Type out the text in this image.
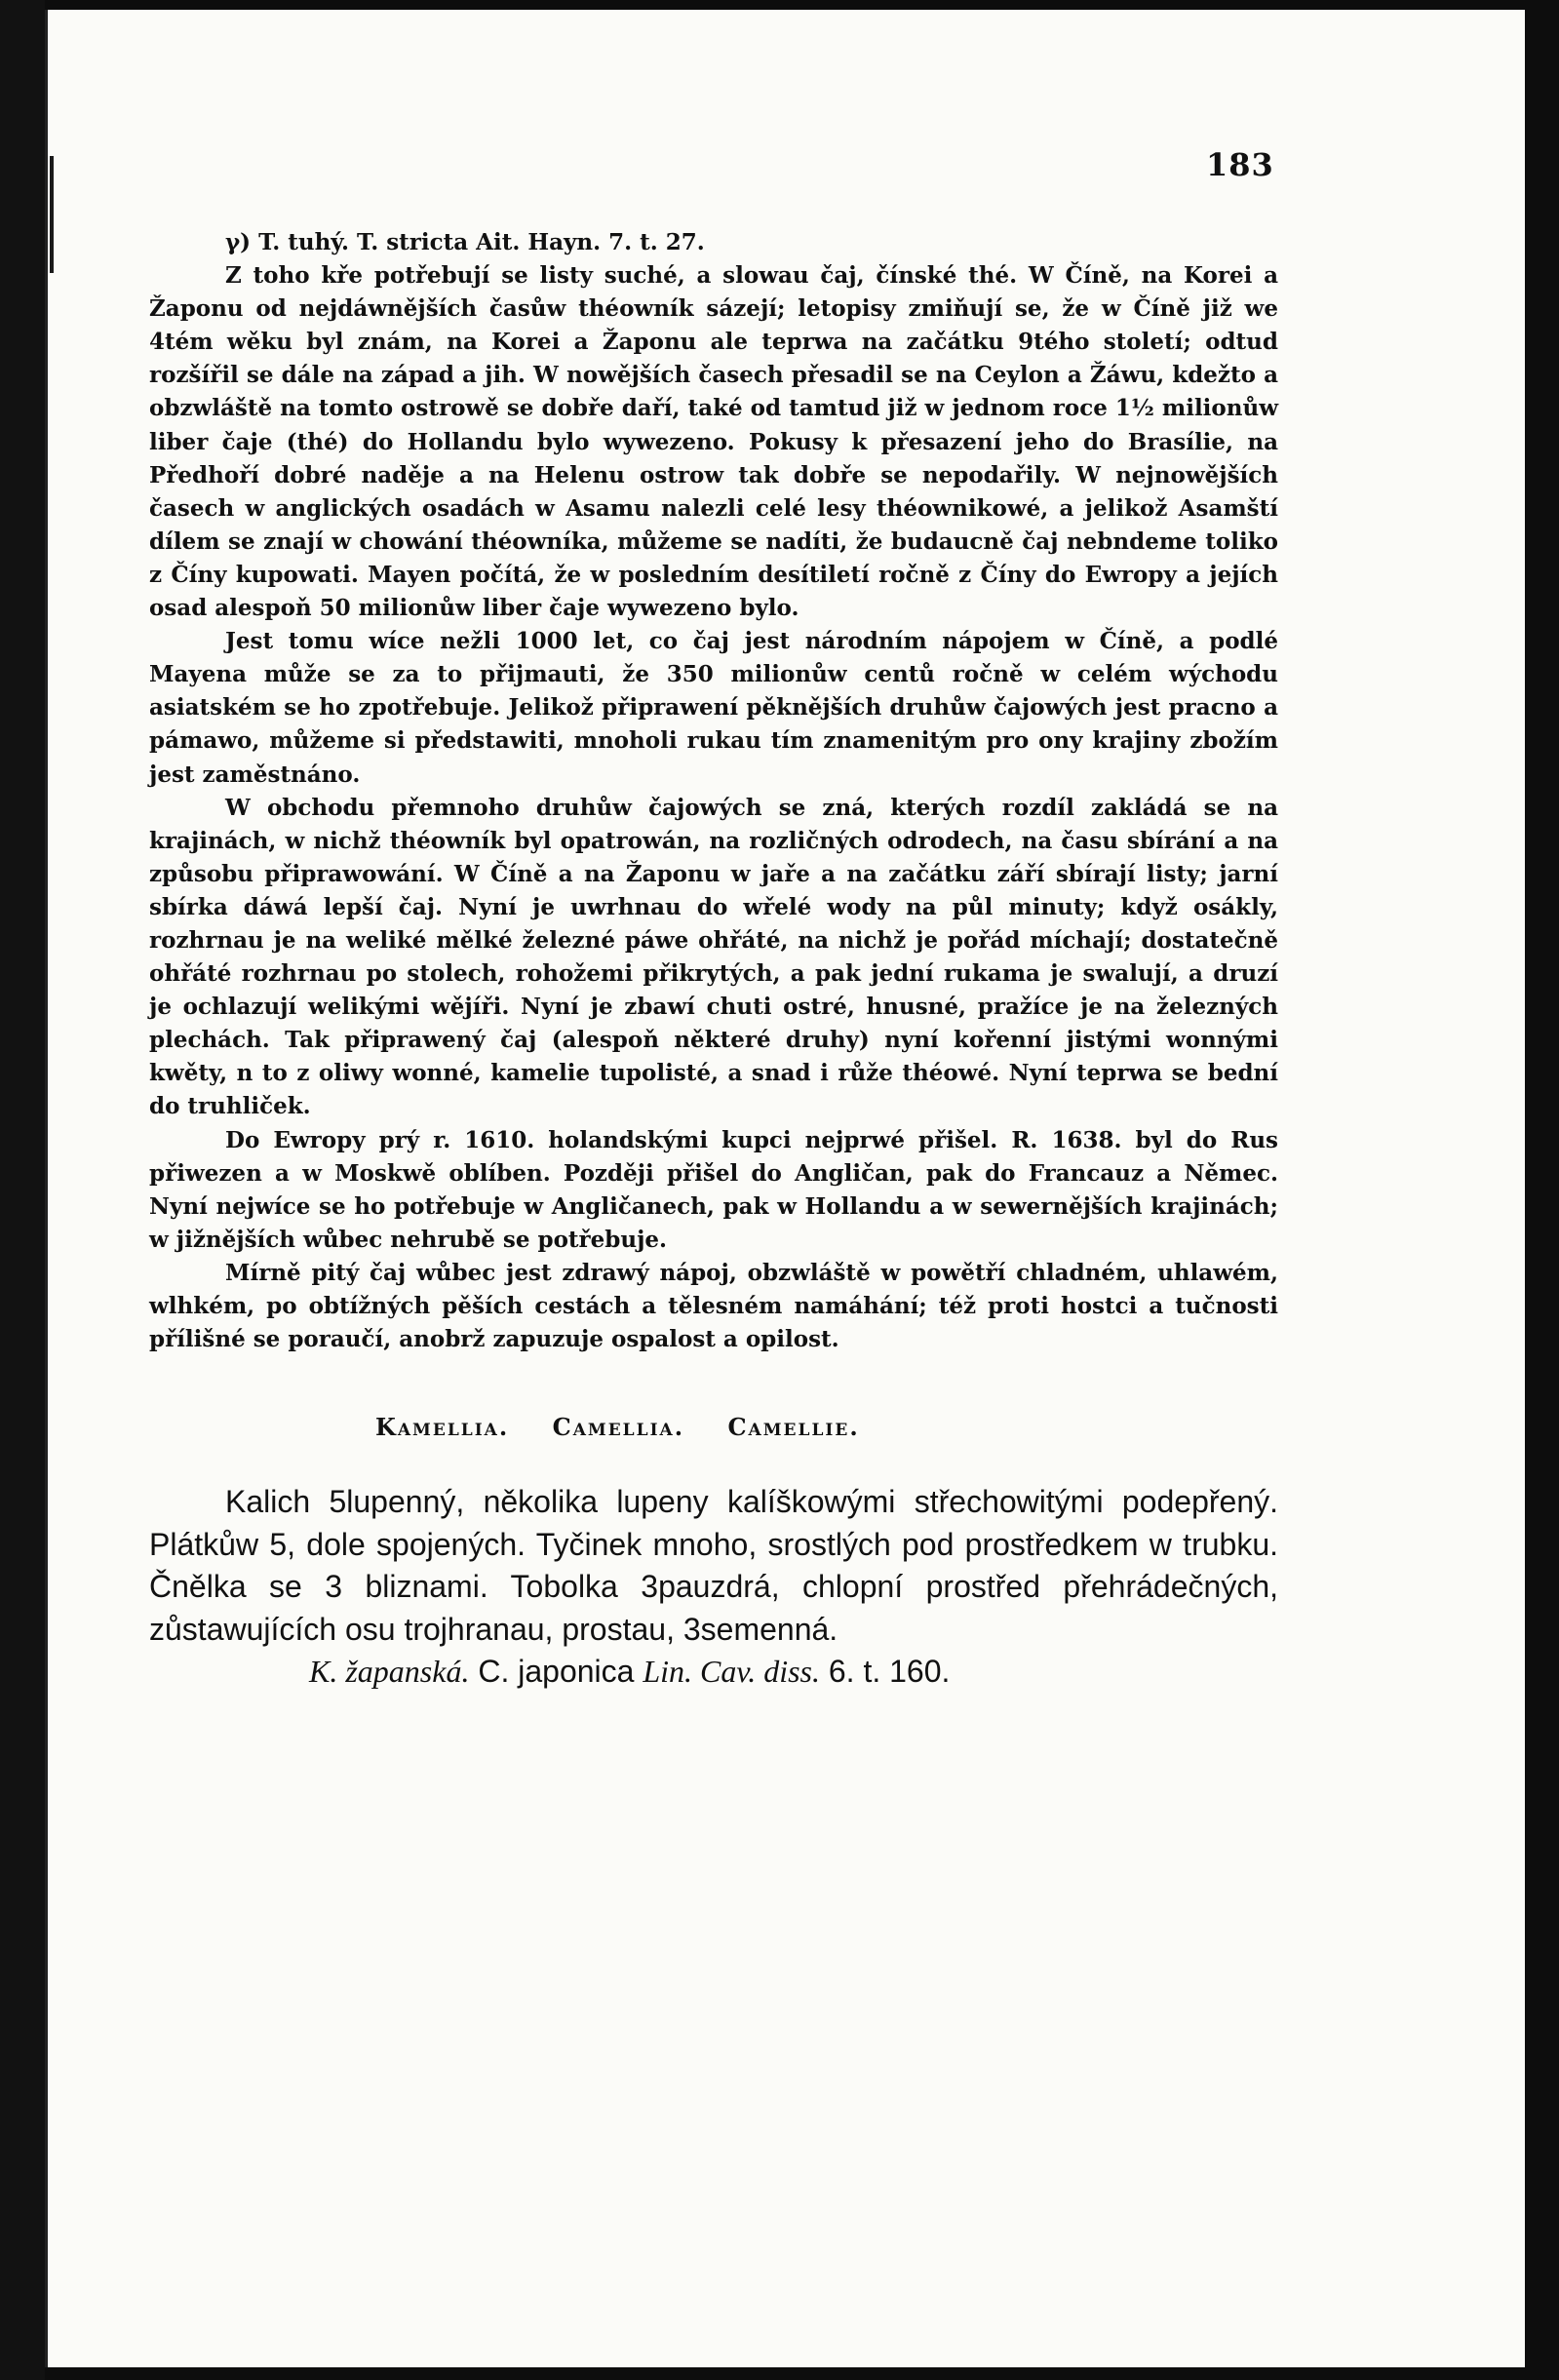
183

γ) T. tuhý. T. stricta Ait. Hayn. 7. t. 27.

Z toho kře potřebují se listy suché, a slowau čaj, čínské thé. W Číně, na Korei a Žaponu od nejdáwnějších časůw théowník sázejí; letopisy zmiňují se, že w Číně již we 4tém wěku byl znám, na Korei a Žaponu ale teprwa na začátku 9tého století; odtud rozšířil se dále na západ a jih. W nowějších časech přesadil se na Ceylon a Žáwu, kdežto a obzwláště na tomto ostrowě se dobře daří, také od tamtud již w jednom roce 1½ milionůw liber čaje (thé) do Hollandu bylo wywezeno. Pokusy k přesazení jeho do Brasílie, na Předhoří dobré naděje a na Helenu ostrow tak dobře se nepodařily. W nejnowějších časech w anglických osadách w Asamu nalezli celé lesy théownikowé, a jelikož Asamští dílem se znají w chowání théowníka, můžeme se nadíti, že budaucně čaj nebndeme toliko z Číny kupowati. Mayen počítá, že w posledním desítiletí ročně z Číny do Ewropy a jejích osad alespoň 50 milionůw liber čaje wywezeno bylo.

Jest tomu wíce nežli 1000 let, co čaj jest národním nápojem w Číně, a podlé Mayena může se za to přijmauti, že 350 milionůw centů ročně w celém wýchodu asiatském se ho zpotřebuje. Jelikož připrawení pěknějších druhůw čajowých jest pracno a pámawo, můžeme si předstawiti, mnoholi rukau tím znamenitým pro ony krajiny zbožím jest zaměstnáno.

W obchodu přemnoho druhůw čajowých se zná, kterých rozdíl zakládá se na krajinách, w nichž théowník byl opatrowán, na rozličných odrodech, na času sbírání a na způsobu připrawowání. W Číně a na Žaponu w jaře a na začátku září sbírají listy; jarní sbírka dáwá lepší čaj. Nyní je uwrhnau do wřelé wody na půl minuty; když osákly, rozhrnau je na weliké mělké železné páwe ohřáté, na nichž je pořád míchají; dostatečně ohřáté rozhrnau po stolech, rohožemi přikrytých, a pak jední rukama je swalují, a druzí je ochlazují welikými wějíři. Nyní je zbawí chuti ostré, hnusné, pražíce je na železných plechách. Tak připrawený čaj (alespoň některé druhy) nyní kořenní jistými wonnými kwěty, n to z oliwy wonné, kamelie tupolisté, a snad i růže théowé. Nyní teprwa se bední do truhliček.

Do Ewropy prý r. 1610. holandskými kupci nejprwé přišel. R. 1638. byl do Rus přiwezen a w Moskwě oblíben. Později přišel do Angličan, pak do Francauz a Němec. Nyní nejwíce se ho potřebuje w Angličanech, pak w Hollandu a w sewernějších krajinách; w jižnějších wůbec nehrubě se potřebuje.

Mírně pitý čaj wůbec jest zdrawý nápoj, obzwláště w powětří chladném, uhlawém, wlhkém, po obtížných pěších cestách a tělesném namáhání; též proti hostci a tučnosti přílišné se poraučí, anobrž zapuzuje ospalost a opilost.

Kamellia. Camellia. Camellie.

Kalich 5lupenný, několika lupeny kalíškowými střechowitými podepřený. Plátkůw 5, dole spojených. Tyčinek mnoho, srostlých pod prostředkem w trubku. Čnělka se 3 bliznami. Tobolka 3pauzdrá, chlopní prostřed přehrádečných, zůstawujících osu trojhranau, prostau, 3semenná.

K. žapanská. C. japonica Lin. Cav. diss. 6. t. 160.
